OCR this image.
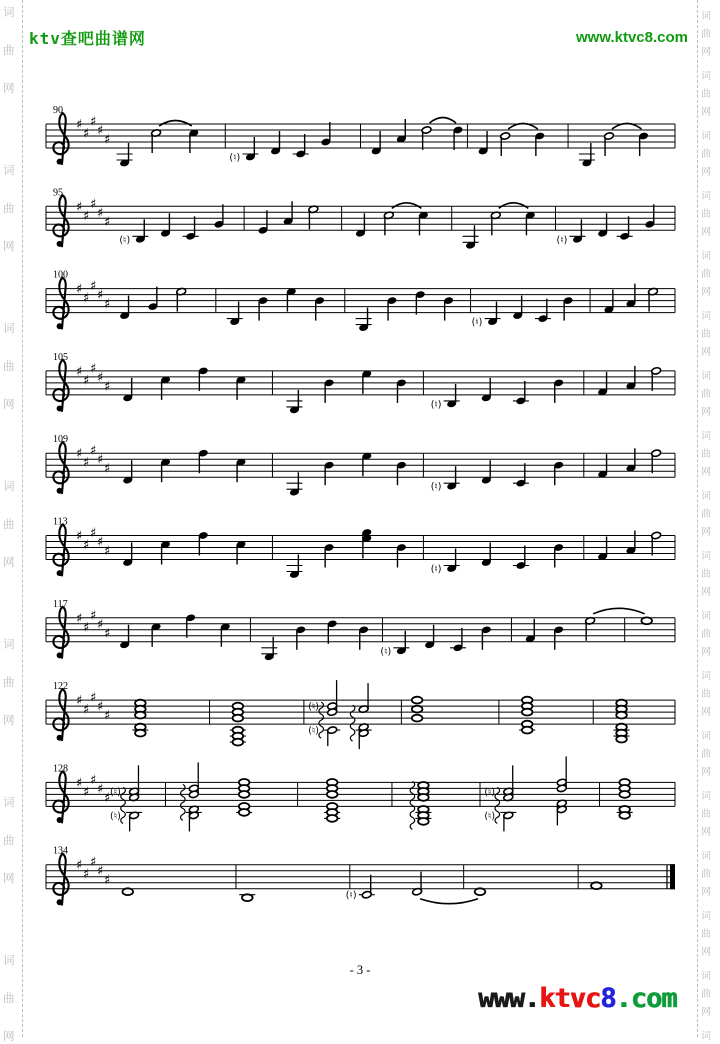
词
曲
网
词
曲
网
词
曲
网
词
曲
网
词
曲
网
词
曲
网
词
曲
网
词
曲
网
词
曲
网
词
曲
网
词
曲
网
词
曲
网
词
曲
网
词
曲
网
词
曲
网
词
曲
网
词
曲
网
词
曲
网
词
曲
网
词
曲
网
词
曲
网
词
曲
网
词
曲
网
词
曲
网
词
ktv查吧曲谱网	www.ktvc8.com
90
♯
♯
♯
♯
♯
(♮)
95
♯
♯
♯
♯
♯
(♮)	(♮)
100
♯
♯
♯
♯
♯
(♮)
105
♯
♯
♯
♯
♯
(♮)
109
♯
♯
♯
♯
♯
(♮)
113
♯
♯
♯
♯
♯
(♮)
117
♯
♯
♯
♯
♯
(♮)
122
♯
♯
♯
♯
♯
(♮)
(♮)
128
♯
♯
♯
♯
♯ (♮)
(♮)
(♮)
(♮)
134
♯
♯
♯
♯
♯
(♮)
- 3 -
www.ktvc8.com
